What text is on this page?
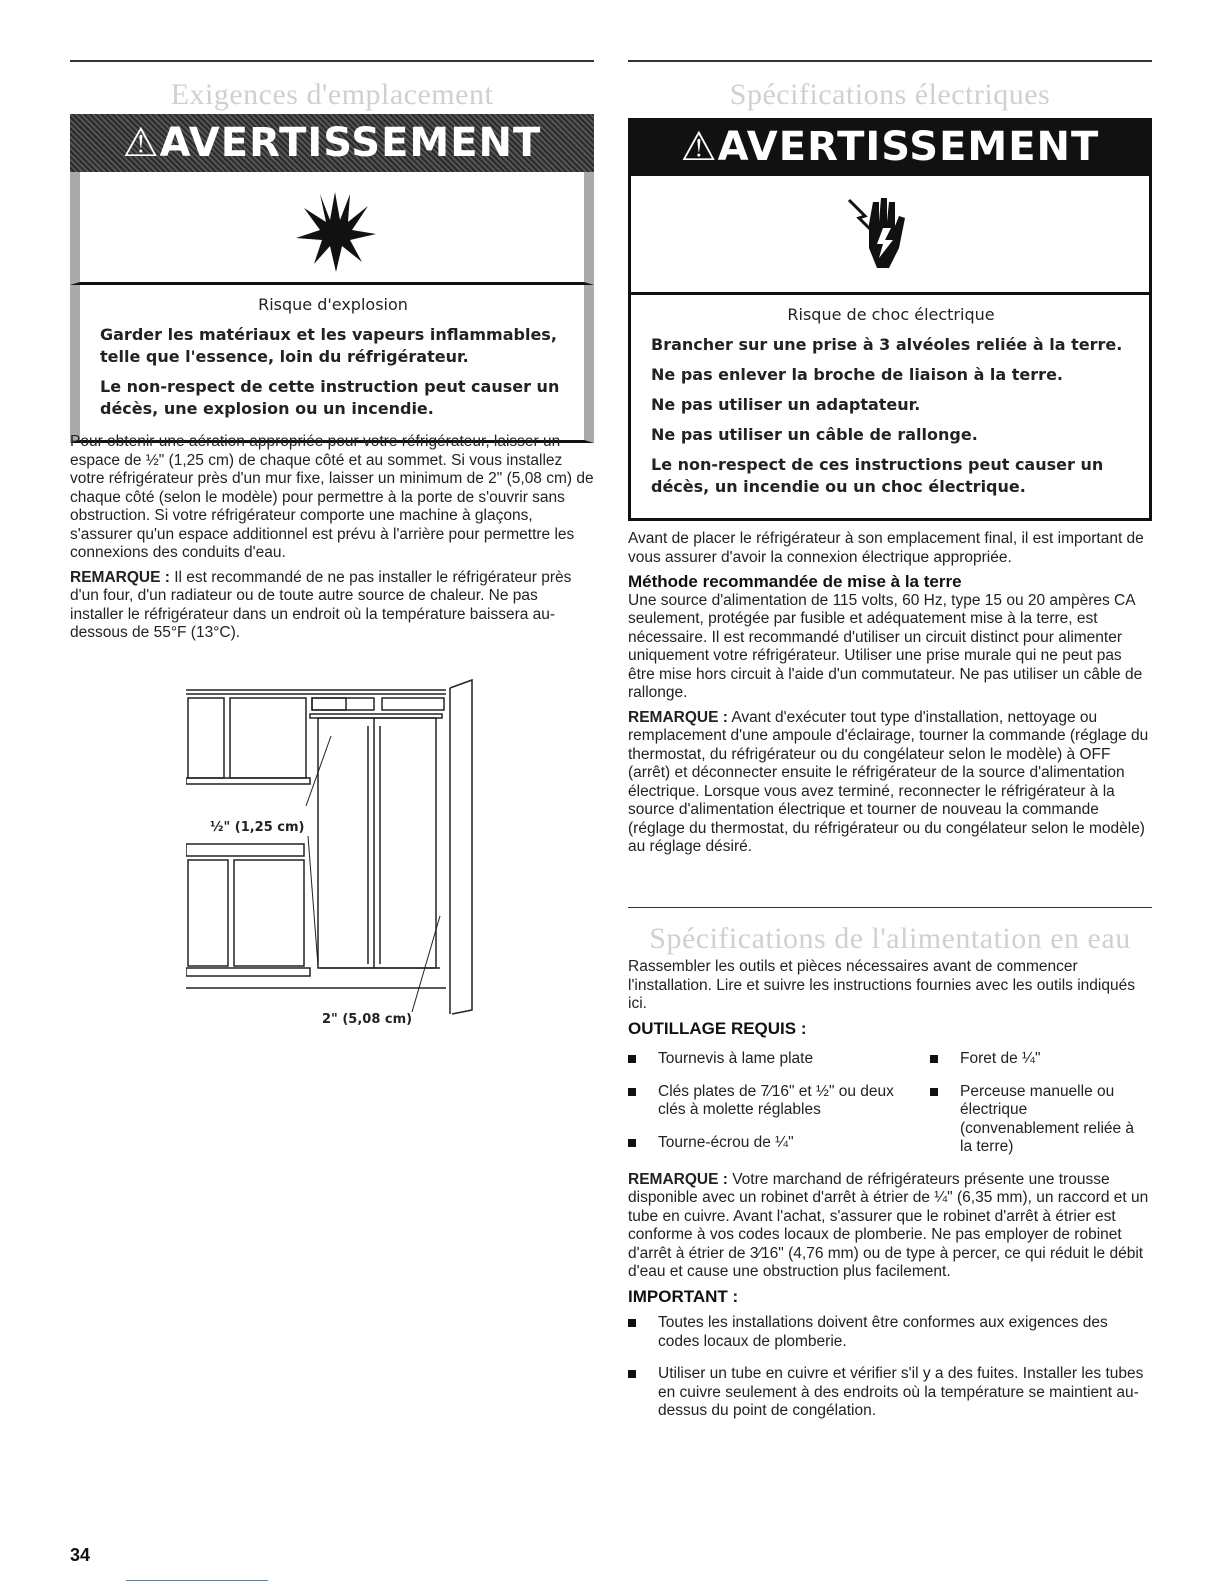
Exigences d'emplacement
⚠AVERTISSEMENT
Risque d'explosion

Garder les matériaux et les vapeurs inflammables, telle que l'essence, loin du réfrigérateur.

Le non-respect de cette instruction peut causer un décès, une explosion ou un incendie.

Pour obtenir une aération appropriée pour votre réfrigérateur, laisser un espace de ½" (1,25 cm) de chaque côté et au sommet. Si vous installez votre réfrigérateur près d'un mur fixe, laisser un minimum de 2" (5,08 cm) de chaque côté (selon le modèle) pour permettre à la porte de s'ouvrir sans obstruction. Si votre réfrigérateur comporte une machine à glaçons, s'assurer qu'un espace additionnel est prévu à l'arrière pour permettre les connexions des conduits d'eau.

REMARQUE : Il est recommandé de ne pas installer le réfrigérateur près d'un four, d'un radiateur ou de toute autre source de chaleur. Ne pas installer le réfrigérateur dans un endroit où la température baissera au-dessous de 55°F (13°C).

½" (1,25 cm)
2" (5,08 cm)
Spécifications électriques
⚠AVERTISSEMENT
Risque de choc électrique

Brancher sur une prise à 3 alvéoles reliée à la terre.

Ne pas enlever la broche de liaison à la terre.

Ne pas utiliser un adaptateur.

Ne pas utiliser un câble de rallonge.

Le non-respect de ces instructions peut causer un décès, un incendie ou un choc électrique.

Avant de placer le réfrigérateur à son emplacement final, il est important de vous assurer d'avoir la connexion électrique appropriée.

Méthode recommandée de mise à la terre

Une source d'alimentation de 115 volts, 60 Hz, type 15 ou 20 ampères CA seulement, protégée par fusible et adéquatement mise à la terre, est nécessaire. Il est recommandé d'utiliser un circuit distinct pour alimenter uniquement votre réfrigérateur. Utiliser une prise murale qui ne peut pas être mise hors circuit à l'aide d'un commutateur. Ne pas utiliser un câble de rallonge.

REMARQUE : Avant d'exécuter tout type d'installation, nettoyage ou remplacement d'une ampoule d'éclairage, tourner la commande (réglage du thermostat, du réfrigérateur ou du congélateur selon le modèle) à OFF (arrêt) et déconnecter ensuite le réfrigérateur de la source d'alimentation électrique. Lorsque vous avez terminé, reconnecter le réfrigérateur à la source d'alimentation électrique et tourner de nouveau la commande (réglage du thermostat, du réfrigérateur ou du congélateur selon le modèle) au réglage désiré.

Spécifications de l'alimentation en eau

Rassembler les outils et pièces nécessaires avant de commencer l'installation. Lire et suivre les instructions fournies avec les outils indiqués ici.

OUTILLAGE REQUIS :
Tournevis à lame plate
Clés plates de 7⁄16" et ½" ou deux clés à molette réglables
Tourne-écrou de ¼"
Foret de ¼"
Perceuse manuelle ou électrique (convenablement reliée à la terre)

REMARQUE : Votre marchand de réfrigérateurs présente une trousse disponible avec un robinet d'arrêt à étrier de ¼" (6,35 mm), un raccord et un tube en cuivre. Avant l'achat, s'assurer que le robinet d'arrêt à étrier est conforme à vos codes locaux de plomberie. Ne pas employer de robinet d'arrêt à étrier de 3⁄16" (4,76 mm) ou de type à percer, ce qui réduit le débit d'eau et cause une obstruction plus facilement.

IMPORTANT :
Toutes les installations doivent être conformes aux exigences des codes locaux de plomberie.
Utiliser un tube en cuivre et vérifier s'il y a des fuites. Installer les tubes en cuivre seulement à des endroits où la température se maintient au-dessus du point de congélation.
34
